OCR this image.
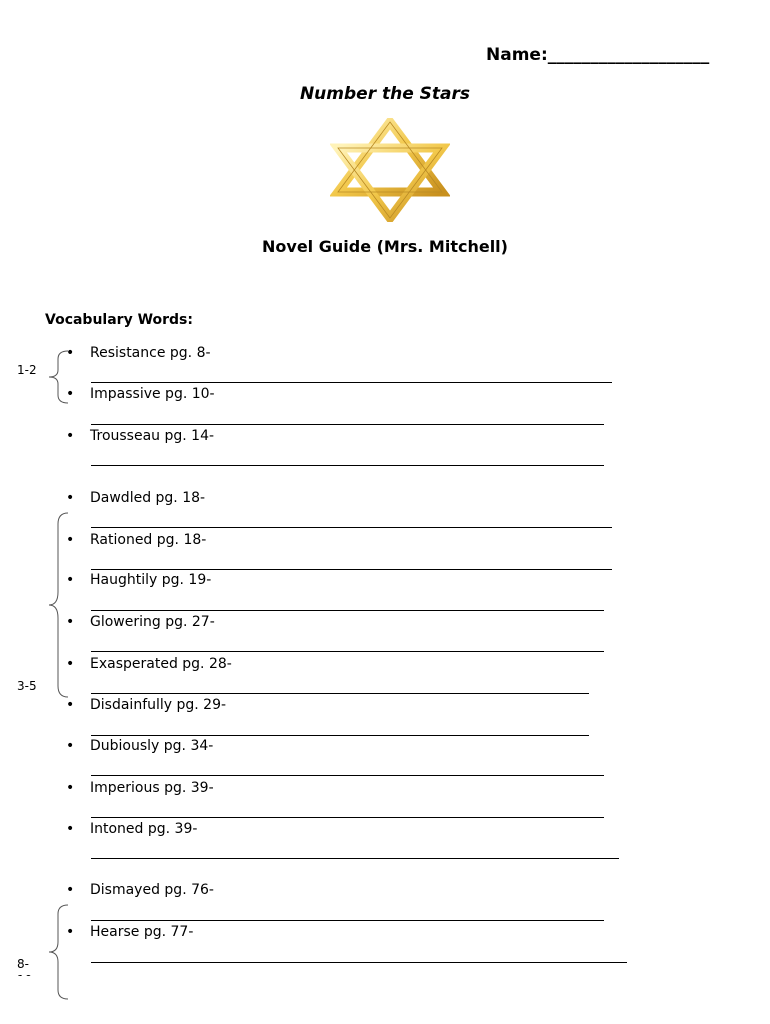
Name:___________________
Number the Stars
Novel Guide (Mrs. Mitchell)
Vocabulary Words:
• Resistance pg. 8-
• Impassive pg. 10-
• Trousseau pg. 14-
• Dawdled pg. 18-
• Rationed pg. 18-
• Haughtily pg. 19-
• Glowering pg. 27-
• Exasperated pg. 28-
• Disdainfully pg. 29-
• Dubiously pg. 34-
• Imperious pg. 39-
• Intoned pg. 39-
• Dismayed pg. 76-
• Hearse pg. 77-
1-2
3-5
8-
